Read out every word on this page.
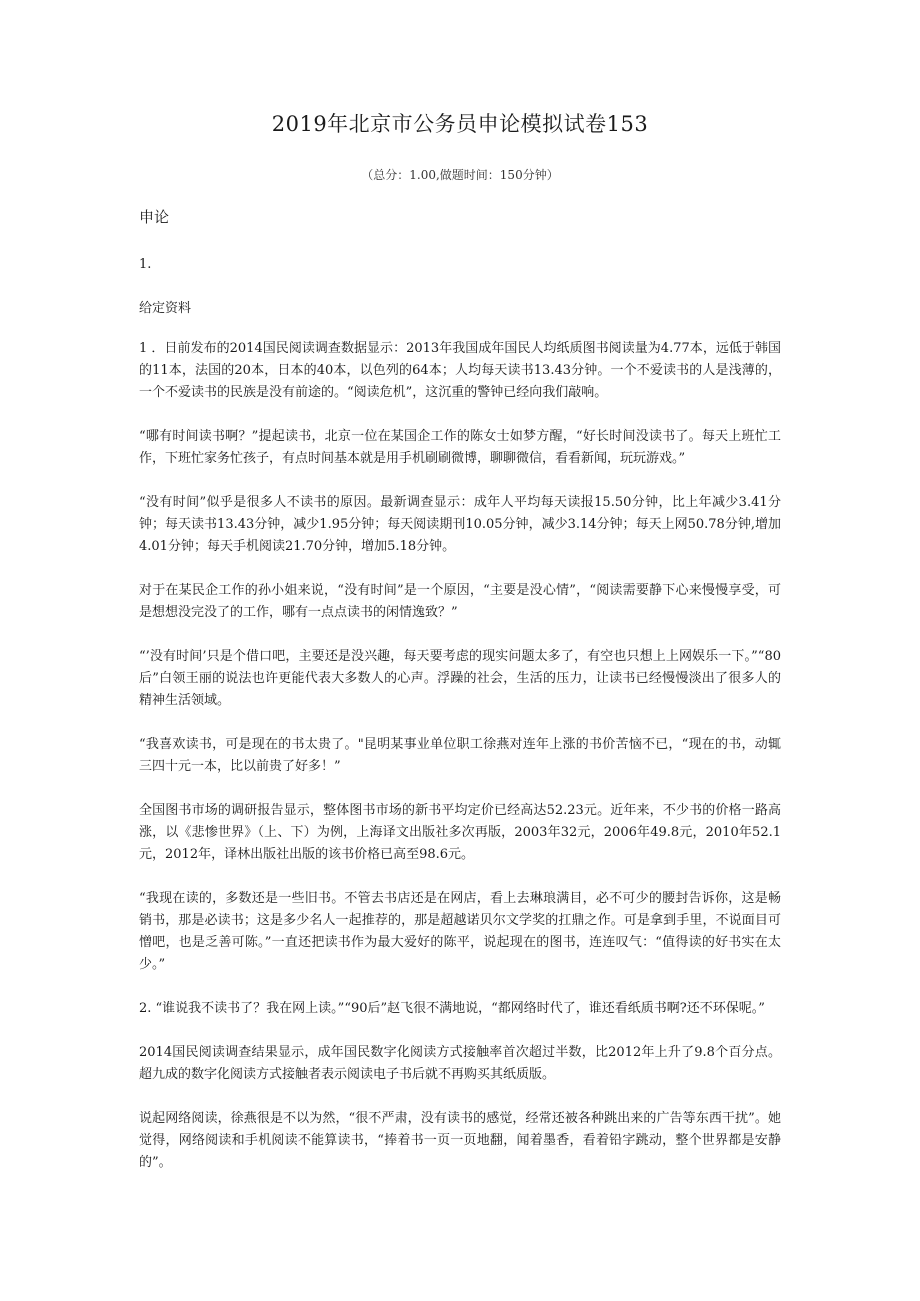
2019年北京市公务员申论模拟试卷153
（总分：1.00,做题时间：150分钟）
申论
1.
给定资料

1 ．日前发布的2014国民阅读调查数据显示：2013年我国成年国民人均纸质图书阅读量为4.77本，远低于韩国的11本，法国的20本，日本的40本，以色列的64本；人均每天读书13.43分钟。一个不爱读书的人是浅薄的，一个不爱读书的民族是没有前途的。“阅读危机”，这沉重的警钟已经向我们敲响。

“哪有时间读书啊？”提起读书，北京一位在某国企工作的陈女士如梦方醒，“好长时间没读书了。每天上班忙工作，下班忙家务忙孩子，有点时间基本就是用手机刷刷微博，聊聊微信，看看新闻，玩玩游戏。”

“没有时间”似乎是很多人不读书的原因。最新调查显示：成年人平均每天读报15.50分钟，比上年减少3.41分钟；每天读书13.43分钟，减少1.95分钟；每天阅读期刊10.05分钟，减少3.14分钟；每天上网50.78分钟,增加4.01分钟；每天手机阅读21.70分钟，增加5.18分钟。

对于在某民企工作的孙小姐来说，“没有时间”是一个原因，“主要是没心情”，“阅读需要静下心来慢慢享受，可是想想没完没了的工作，哪有一点点读书的闲情逸致？”

“’没有时间’只是个借口吧，主要还是没兴趣，每天要考虑的现实问题太多了，有空也只想上上网娱乐一下。”“80后”白领王丽的说法也许更能代表大多数人的心声。浮躁的社会，生活的压力，让读书已经慢慢淡出了很多人的精神生活领域。

“我喜欢读书，可是现在的书太贵了。"昆明某事业单位职工徐燕对连年上涨的书价苦恼不已，“现在的书，动辄三四十元一本，比以前贵了好多！”

全国图书市场的调研报告显示，整体图书市场的新书平均定价已经高达52.23元。近年来，不少书的价格一路高涨，以《悲惨世界》（上、下）为例，上海译文出版社多次再版，2003年32元，2006年49.8元，2010年52.1元，2012年，译林出版社出版的该书价格已高至98.6元。

“我现在读的，多数还是一些旧书。不管去书店还是在网店，看上去琳琅满目，必不可少的腰封告诉你，这是畅销书，那是必读书；这是多少名人一起推荐的，那是超越诺贝尔文学奖的扛鼎之作。可是拿到手里，不说面目可憎吧，也是乏善可陈。”一直还把读书作为最大爱好的陈平，说起现在的图书，连连叹气：“值得读的好书实在太少。”

2. “谁说我不读书了？我在网上读。”“90后”赵飞很不满地说，“都网络时代了，谁还看纸质书啊?还不环保呢。”

2014国民阅读调查结果显示，成年国民数字化阅读方式接触率首次超过半数，比2012年上升了9.8个百分点。超九成的数字化阅读方式接触者表示阅读电子书后就不再购买其纸质版。

说起网络阅读，徐燕很是不以为然，“很不严肃，没有读书的感觉，经常还被各种跳出来的广告等东西干扰”。她觉得，网络阅读和手机阅读不能算读书，“捧着书一页一页地翻，闻着墨香，看着铅字跳动，整个世界都是安静的”。
